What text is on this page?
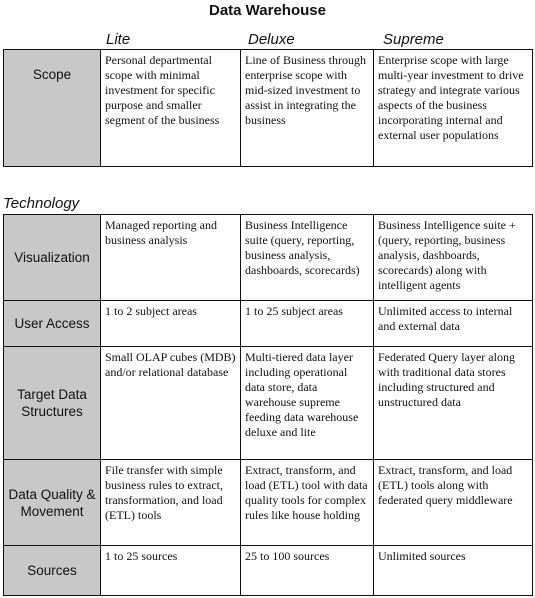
Data Warehouse
Lite	Deluxe	Supreme
Scope	Personal departmental scope with minimal investment for specific purpose and smaller segment of the business	Line of Business through enterprise scope with mid-sized investment to assist in integrating the business	Enterprise scope with large multi-year investment to drive strategy and integrate various aspects of the business incorporating internal and external user populations
Technology
Visualization	Managed reporting and business analysis	Business Intelligence suite (query, reporting, business analysis, dashboards, scorecards)	Business Intelligence suite + (query, reporting, business analysis, dashboards, scorecards) along with intelligent agents
User Access	1 to 2 subject areas	1 to 25 subject areas	Unlimited access to internal and external data
Target Data Structures	Small OLAP cubes (MDB) and/or relational database	Multi-tiered data layer including operational data store, data warehouse supreme feeding data warehouse deluxe and lite	Federated Query layer along with traditional data stores including structured and unstructured data
Data Quality & Movement	File transfer with simple business rules to extract, transformation, and load (ETL) tools	Extract, transform, and load (ETL) tool with data quality tools for complex rules like house holding	Extract, transform, and load (ETL) tools along with federated query middleware
Sources	1 to 25 sources	25 to 100 sources	Unlimited sources
